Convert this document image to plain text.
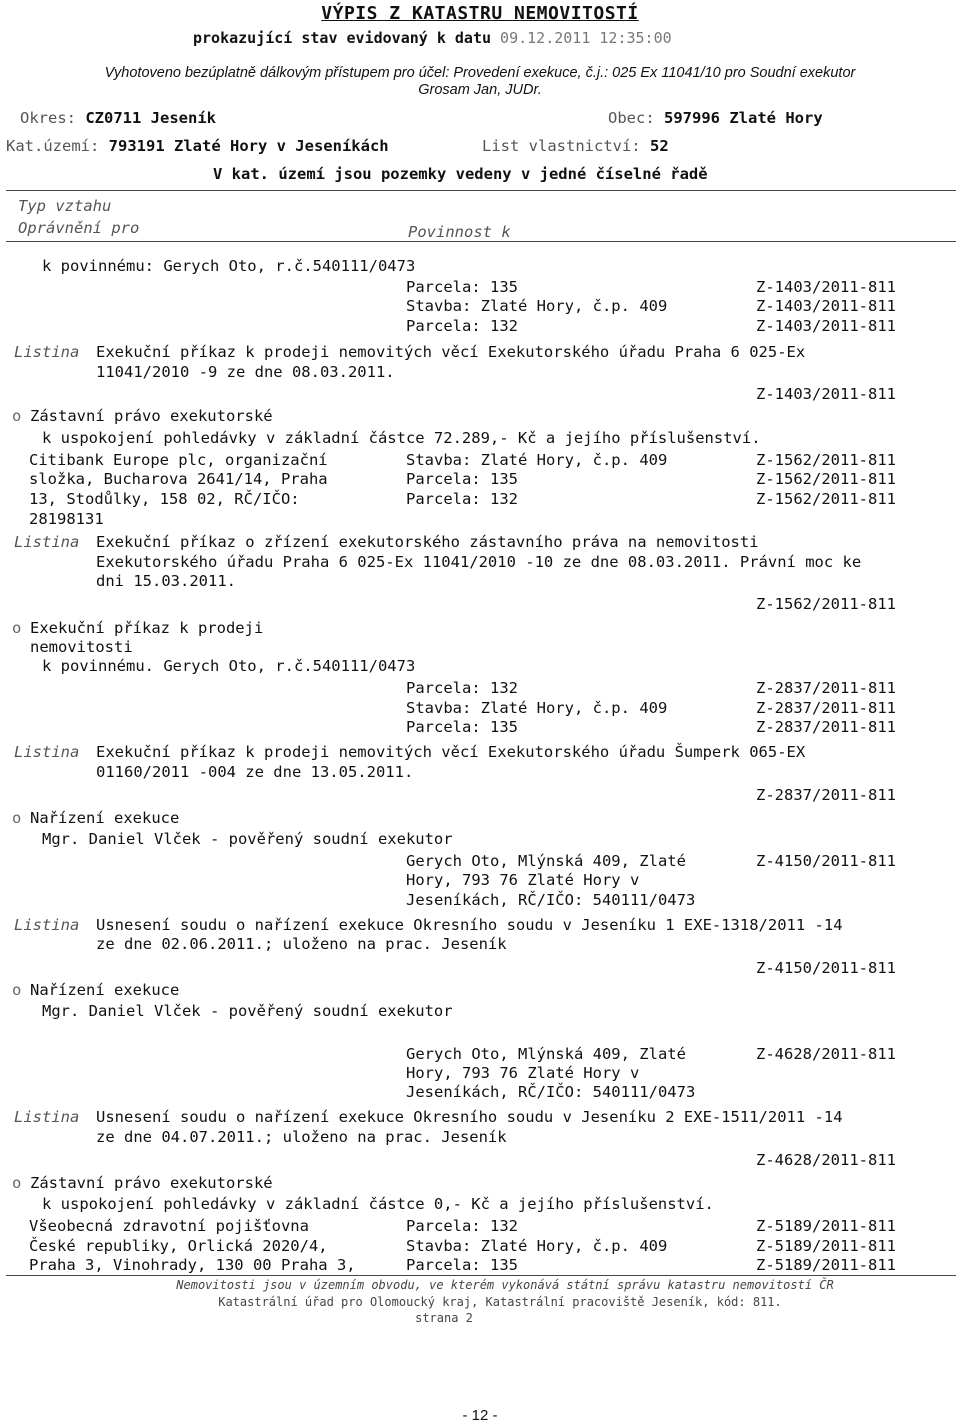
VÝPIS Z KATASTRU NEMOVITOSTÍ
prokazující stav evidovaný k datu 09.12.2011 12:35:00
Vyhotoveno bezúplatně dálkovým přístupem pro účel: Provedení exekuce, č.j.: 025 Ex 11041/10 pro Soudní exekutor
Grosam Jan, JUDr.
Okres: CZ0711 Jeseník	Obec: 597996 Zlaté Hory
Kat.území: 793191 Zlaté Hory v Jeseníkách	List vlastnictví: 52
V kat. území jsou pozemky vedeny v jedné číselné řadě
Typ vztahu
Oprávnění pro	Povinnost k
k povinnému: Gerych Oto, r.č.540111/0473
Parcela: 135	Z-1403/2011-811
Stavba: Zlaté Hory, č.p. 409	Z-1403/2011-811
Parcela: 132	Z-1403/2011-811
Listina Exekuční příkaz k prodeji nemovitých věcí Exekutorského úřadu Praha 6 025-Ex
11041/2010 -9 ze dne 08.03.2011.
Z-1403/2011-811
o Zástavní právo exekutorské
k uspokojení pohledávky v základní částce 72.289,- Kč a jejího příslušenství.
Citibank Europe plc, organizační
složka, Bucharova 2641/14, Praha
13, Stodůlky, 158 02, RČ/IČO:
28198131
Stavba: Zlaté Hory, č.p. 409	Z-1562/2011-811
Parcela: 135	Z-1562/2011-811
Parcela: 132	Z-1562/2011-811
Listina Exekuční příkaz o zřízení exekutorského zástavního práva na nemovitosti
Exekutorského úřadu Praha 6 025-Ex 11041/2010 -10 ze dne 08.03.2011. Právní moc ke
dni 15.03.2011.
Z-1562/2011-811
o Exekuční příkaz k prodeji
nemovitosti
k povinnému. Gerych Oto, r.č.540111/0473
Parcela: 132	Z-2837/2011-811
Stavba: Zlaté Hory, č.p. 409	Z-2837/2011-811
Parcela: 135	Z-2837/2011-811
Listina Exekuční příkaz k prodeji nemovitých věcí Exekutorského úřadu Šumperk 065-EX
01160/2011 -004 ze dne 13.05.2011.
Z-2837/2011-811
o Nařízení exekuce
Mgr. Daniel Vlček - pověřený soudní exekutor
Gerych Oto, Mlýnská 409, Zlaté
Hory, 793 76 Zlaté Hory v
Jeseníkách, RČ/IČO: 540111/0473
Z-4150/2011-811
Listina Usnesení soudu o nařízení exekuce Okresního soudu v Jeseníku 1 EXE-1318/2011 -14
ze dne 02.06.2011.; uloženo na prac. Jeseník
Z-4150/2011-811
o Nařízení exekuce
Mgr. Daniel Vlček - pověřený soudní exekutor
Gerych Oto, Mlýnská 409, Zlaté
Hory, 793 76 Zlaté Hory v
Jeseníkách, RČ/IČO: 540111/0473
Z-4628/2011-811
Listina Usnesení soudu o nařízení exekuce Okresního soudu v Jeseníku 2 EXE-1511/2011 -14
ze dne 04.07.2011.; uloženo na prac. Jeseník
Z-4628/2011-811
o Zástavní právo exekutorské
k uspokojení pohledávky v základní částce 0,- Kč a jejího příslušenství.
Všeobecná zdravotní pojišťovna
České republiky, Orlická 2020/4,
Praha 3, Vinohrady, 130 00 Praha 3,
Parcela: 132	Z-5189/2011-811
Stavba: Zlaté Hory, č.p. 409	Z-5189/2011-811
Parcela: 135	Z-5189/2011-811
Nemovitosti jsou v územním obvodu, ve kterém vykonává státní správu katastru nemovitostí ČR
Katastrální úřad pro Olomoucký kraj, Katastrální pracoviště Jeseník, kód: 811.
strana 2
- 12 -
